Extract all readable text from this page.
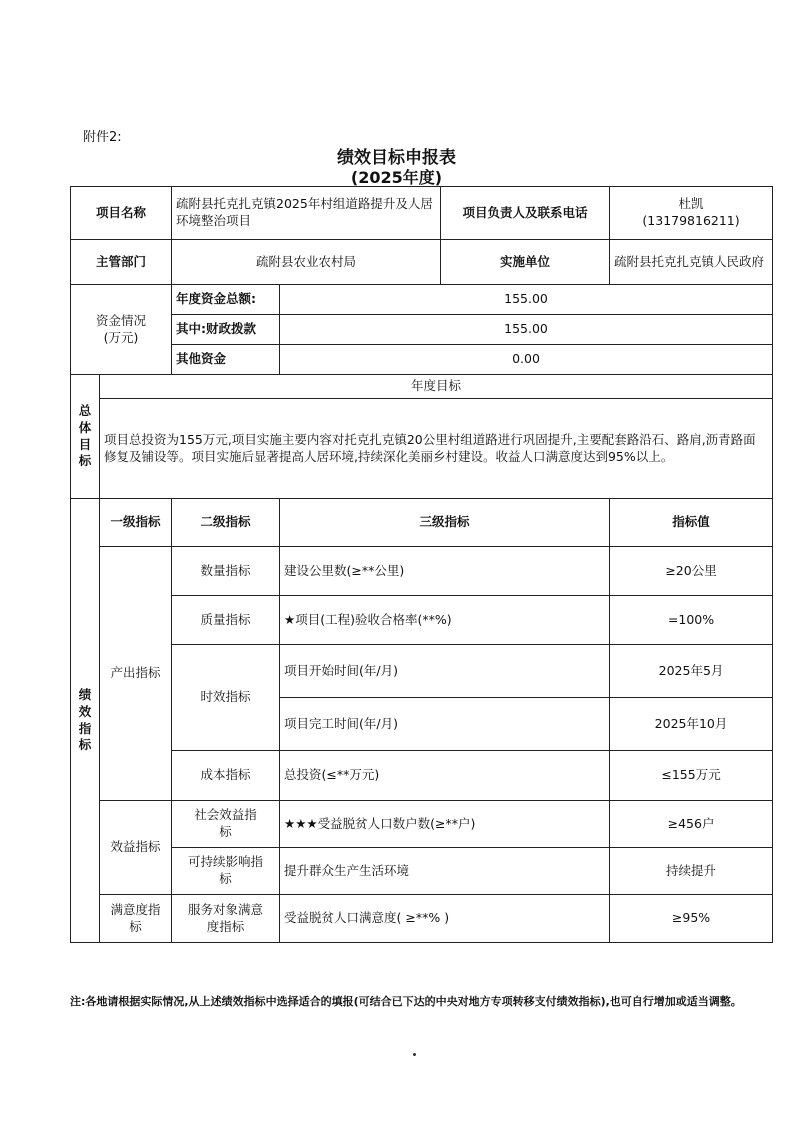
附件2:
绩效目标申报表
(2025年度)
项目名称		疏附县托克扎克镇2025年村组道路提升及人居环境整治项目		项目负责人及联系电话	杜凯
(13179816211)

主管部门		疏附县农业农村局		实施单位	疏附县托克扎克镇人民政府

资金情况(万元)		年度资金总额:	155.00		
		其中:财政拨款	155.00		
		其他资金	0.00		

总体目标	年度目标				
	项目总投资为155万元,项目实施主要内容对托克扎克镇20公里村组道路进行巩固提升,主要配套路沿石、路肩,沥青路面修复及铺设等。项目实施后显著提高人居环境,持续深化美丽乡村建设。收益人口满意度达到95%以上。				

绩效指标	一级指标	二级指标	三级指标		指标值
	产出指标	数量指标	建设公里数(≥**公里)		≥20公里
		质量指标	★项目(工程)验收合格率(**%)		=100%
		时效指标	项目开始时间(年/月)		2025年5月
			项目完工时间(年/月)		2025年10月
		成本指标	总投资(≤**万元)		≤155万元
	效益指标	社会效益指标	★★★受益脱贫人口数户数(≥**户)		≥456户

		可持续影响指标	提升群众生产生活环境		持续提升

	满意度指标	服务对象满意度指标	受益脱贫人口满意度( ≥**% )		≥95%
注:各地请根据实际情况,从上述绩效指标中选择适合的填报(可结合已下达的中央对地方专项转移支付绩效指标),也可自行增加或适当调整。
